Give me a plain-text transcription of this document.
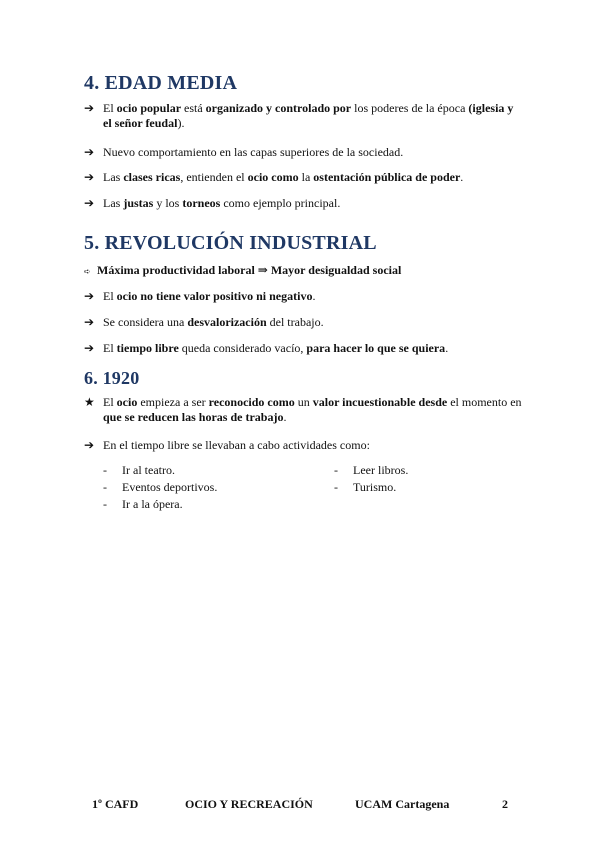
4. EDAD MEDIA
➔ El ocio popular está organizado y controlado por los poderes de la época (iglesia y el señor feudal).
➔ Nuevo comportamiento en las capas superiores de la sociedad.
➔ Las clases ricas, entienden el ocio como la ostentación pública de poder.
➔ Las justas y los torneos como ejemplo principal.
5. REVOLUCIÓN INDUSTRIAL
➪ Máxima productividad laboral ⇒ Mayor desigualdad social
➔ El ocio no tiene valor positivo ni negativo.
➔ Se considera una desvalorización del trabajo.
➔ El tiempo libre queda considerado vacío, para hacer lo que se quiera.
6. 1920
★ El ocio empieza a ser reconocido como un valor incuestionable desde el momento en que se reducen las horas de trabajo.
➔ En el tiempo libre se llevaban a cabo actividades como:
- Ir al teatro.
- Eventos deportivos.
- Ir a la ópera.
- Leer libros.
- Turismo.
1º CAFD	OCIO Y RECREACIÓN	UCAM Cartagena	2
